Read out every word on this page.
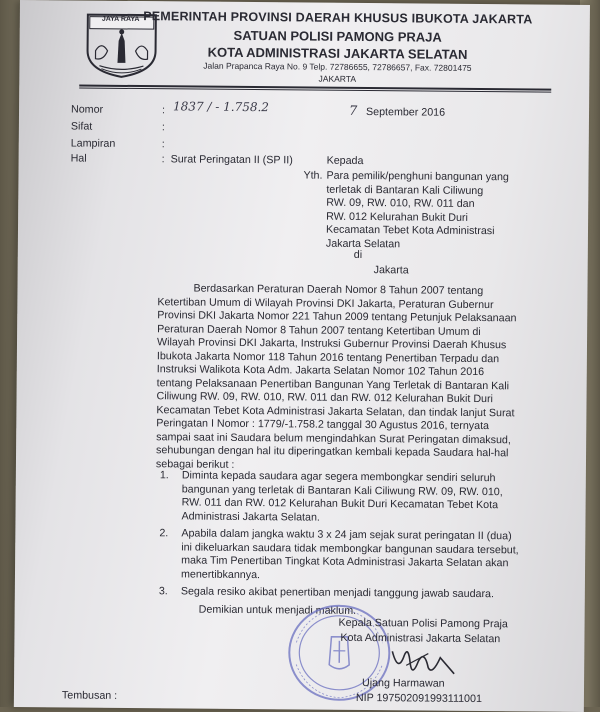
JAYA RAYA PEMERINTAH PROVINSI DAERAH KHUSUS IBUKOTA JAKARTA
SATUAN POLISI PAMONG PRAJA
KOTA ADMINISTRASI JAKARTA SELATAN
Jalan Prapanca Raya No. 9 Telp. 72786655, 72786657, Fax. 72801475
JAKARTA
Nomor	: 1837 / - 1.758.2
Sifat	:
Lampiran	:
Hal	: Surat Peringatan II (SP II)
7 September 2016
Kepada
Yth. Para pemilik/penghuni bangunan yang
terletak di Bantaran Kali Ciliwung
RW. 09, RW. 010, RW. 011 dan
RW. 012 Kelurahan Bukit Duri
Kecamatan Tebet Kota Administrasi
Jakarta Selatan
di
Jakarta
Berdasarkan Peraturan Daerah Nomor 8 Tahun 2007 tentang
Ketertiban Umum di Wilayah Provinsi DKI Jakarta, Peraturan Gubernur
Provinsi DKI Jakarta Nomor 221 Tahun 2009 tentang Petunjuk Pelaksanaan
Peraturan Daerah Nomor 8 Tahun 2007 tentang Ketertiban Umum di
Wilayah Provinsi DKI Jakarta, Instruksi Gubernur Provinsi Daerah Khusus
Ibukota Jakarta Nomor 118 Tahun 2016 tentang Penertiban Terpadu dan
Instruksi Walikota Kota Adm. Jakarta Selatan Nomor 102 Tahun 2016
tentang Pelaksanaan Penertiban Bangunan Yang Terletak di Bantaran Kali
Ciliwung RW. 09, RW. 010, RW. 011 dan RW. 012 Kelurahan Bukit Duri
Kecamatan Tebet Kota Administrasi Jakarta Selatan, dan tindak lanjut Surat
Peringatan I Nomor : 1779/-1.758.2 tanggal 30 Agustus 2016, ternyata
sampai saat ini Saudara belum mengindahkan Surat Peringatan dimaksud,
sehubungan dengan hal itu diperingatkan kembali kepada Saudara hal-hal
sebagai berikut :
1. Diminta kepada saudara agar segera membongkar sendiri seluruh
bangunan yang terletak di Bantaran Kali Ciliwung RW. 09, RW. 010,
RW. 011 dan RW. 012 Kelurahan Bukit Duri Kecamatan Tebet Kota
Administrasi Jakarta Selatan.
2. Apabila dalam jangka waktu 3 x 24 jam sejak surat peringatan II (dua)
ini dikeluarkan saudara tidak membongkar bangunan saudara tersebut,
maka Tim Penertiban Tingkat Kota Administrasi Jakarta Selatan akan
menertibkannya.
3. Segala resiko akibat penertiban menjadi tanggung jawab saudara.
Demikian untuk menjadi maklum.
Kepala Satuan Polisi Pamong Praja
Kota Administrasi Jakarta Selatan
Ujang Harmawan
NIP 197502091993111001
Tembusan :
